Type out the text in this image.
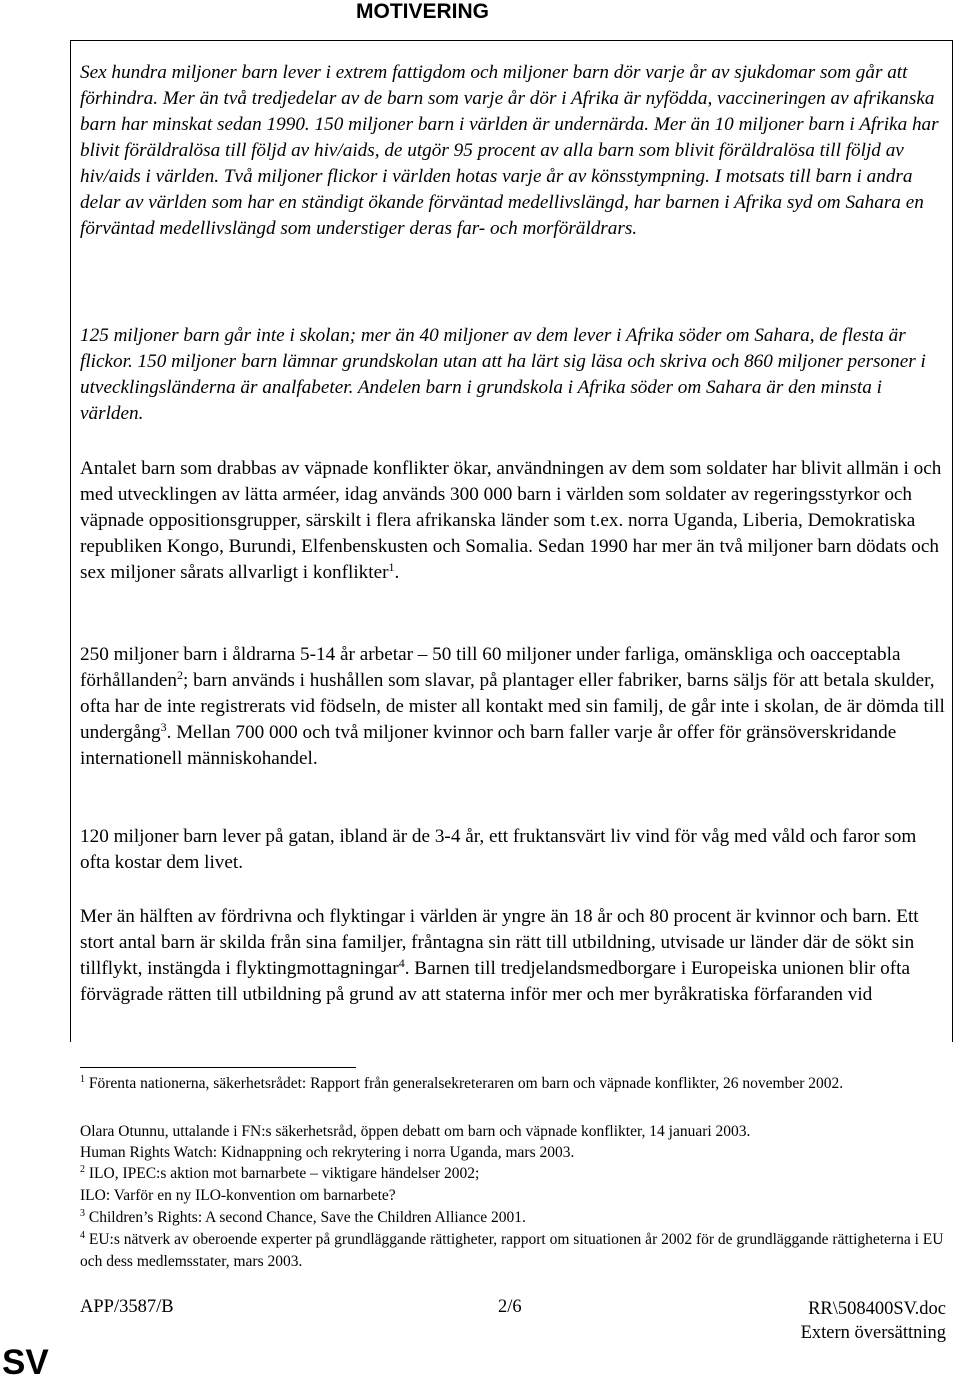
MOTIVERING

Sex hundra miljoner barn lever i extrem fattigdom och miljoner barn dör varje år av sjukdomar som går att förhindra. Mer än två tredjedelar av de barn som varje år dör i Afrika är nyfödda, vaccineringen av afrikanska barn har minskat sedan 1990. 150 miljoner barn i världen är undernärda. Mer än 10 miljoner barn i Afrika har blivit föräldralösa till följd av hiv/aids, de utgör 95 procent av alla barn som blivit föräldralösa till följd av hiv/aids i världen. Två miljoner flickor i världen hotas varje år av könsstympning. I motsats till barn i andra delar av världen som har en ständigt ökande förväntad medellivslängd, har barnen i Afrika syd om Sahara en förväntad medellivslängd som understiger deras far- och morföräldrars.

125 miljoner barn går inte i skolan; mer än 40 miljoner av dem lever i Afrika söder om Sahara, de flesta är flickor. 150 miljoner barn lämnar grundskolan utan att ha lärt sig läsa och skriva och 860 miljoner personer i utvecklingsländerna är analfabeter. Andelen barn i grundskola i Afrika söder om Sahara är den minsta i världen.

Antalet barn som drabbas av väpnade konflikter ökar, användningen av dem som soldater har blivit allmän i och med utvecklingen av lätta arméer, idag används 300 000 barn i världen som soldater av regeringsstyrkor och väpnade oppositionsgrupper, särskilt i flera afrikanska länder som t.ex. norra Uganda, Liberia, Demokratiska republiken Kongo, Burundi, Elfenbenskusten och Somalia. Sedan 1990 har mer än två miljoner barn dödats och sex miljoner sårats allvarligt i konflikter$^1$.

250 miljoner barn i åldrarna 5-14 år arbetar – 50 till 60 miljoner under farliga, omänskliga och oacceptabla förhållanden$^2$; barn används i hushållen som slavar, på plantager eller fabriker, barns säljs för att betala skulder, ofta har de inte registrerats vid födseln, de mister all kontakt med sin familj, de går inte i skolan, de är dömda till undergång$^3$. Mellan 700 000 och två miljoner kvinnor och barn faller varje år offer för gränsöverskridande internationell människohandel.

120 miljoner barn lever på gatan, ibland är de 3-4 år, ett fruktansvärt liv vind för våg med våld och faror som ofta kostar dem livet.

Mer än hälften av fördrivna och flyktingar i världen är yngre än 18 år och 80 procent är kvinnor och barn. Ett stort antal barn är skilda från sina familjer, fråntagna sin rätt till utbildning, utvisade ur länder där de sökt sin tillflykt, instängda i flyktingmottagningar$^4$. Barnen till tredjelandsmedborgare i Europeiska unionen blir ofta förvägrade rätten till utbildning på grund av att staterna inför mer och mer byråkratiska förfaranden vid

$^1$ Förenta nationerna, säkerhetsrådet: Rapport från generalsekreteraren om barn och väpnade konflikter, 26 november 2002.

Olara Otunnu, uttalande i FN:s säkerhetsråd, öppen debatt om barn och väpnade konflikter, 14 januari 2003.

Human Rights Watch: Kidnappning och rekrytering i norra Uganda, mars 2003.

$^2$ ILO, IPEC:s aktion mot barnarbete – viktigare händelser 2002;

ILO: Varför en ny ILO-konvention om barnarbete?

$^3$ Children’s Rights: A second Chance, Save the Children Alliance 2001.

$^4$ EU:s nätverk av oberoende experter på grundläggande rättigheter, rapport om situationen år 2002 för de grundläggande rättigheterna i EU och dess medlemsstater, mars 2003.

APP/3587/B	2/6	RR\508400SV.doc
Extern översättning
SV
